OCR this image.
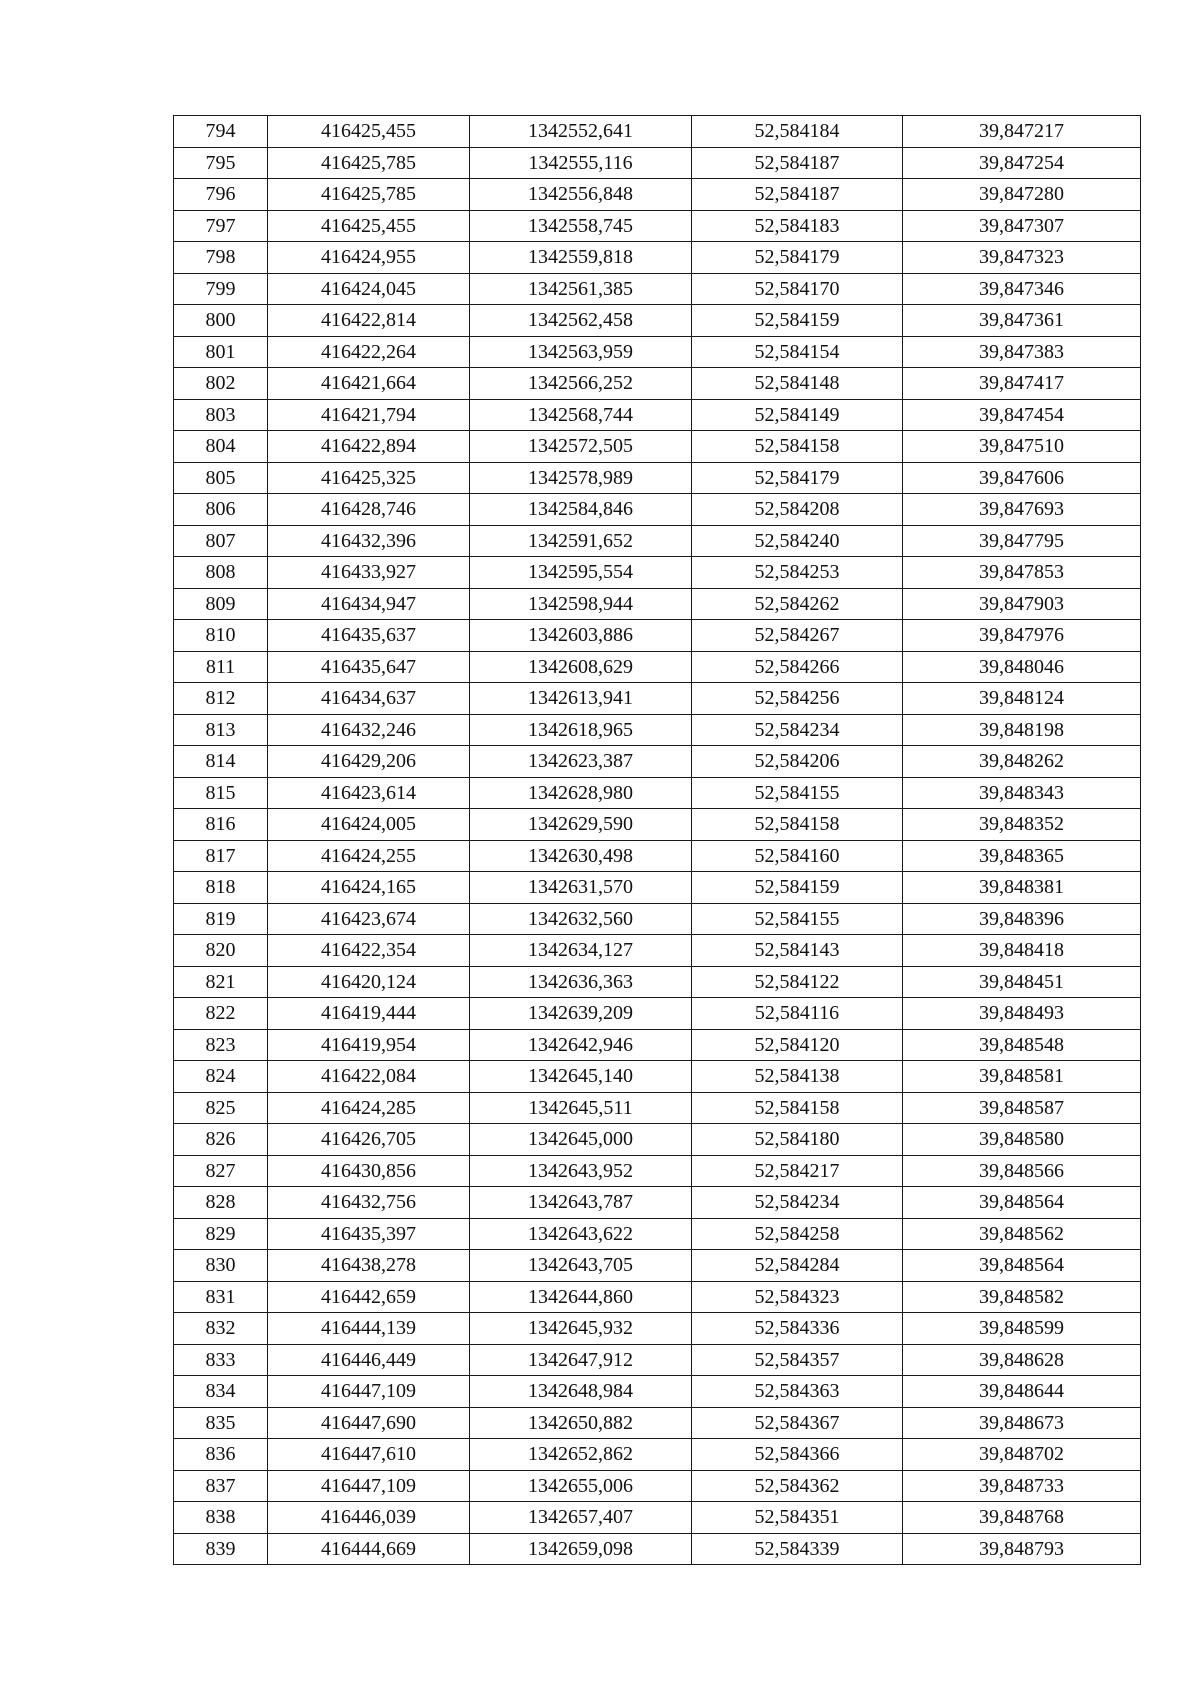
794	416425,455	1342552,641	52,584184	39,847217
795	416425,785	1342555,116	52,584187	39,847254
796	416425,785	1342556,848	52,584187	39,847280
797	416425,455	1342558,745	52,584183	39,847307
798	416424,955	1342559,818	52,584179	39,847323
799	416424,045	1342561,385	52,584170	39,847346
800	416422,814	1342562,458	52,584159	39,847361
801	416422,264	1342563,959	52,584154	39,847383
802	416421,664	1342566,252	52,584148	39,847417
803	416421,794	1342568,744	52,584149	39,847454
804	416422,894	1342572,505	52,584158	39,847510
805	416425,325	1342578,989	52,584179	39,847606
806	416428,746	1342584,846	52,584208	39,847693
807	416432,396	1342591,652	52,584240	39,847795
808	416433,927	1342595,554	52,584253	39,847853
809	416434,947	1342598,944	52,584262	39,847903
810	416435,637	1342603,886	52,584267	39,847976
811	416435,647	1342608,629	52,584266	39,848046
812	416434,637	1342613,941	52,584256	39,848124
813	416432,246	1342618,965	52,584234	39,848198
814	416429,206	1342623,387	52,584206	39,848262
815	416423,614	1342628,980	52,584155	39,848343
816	416424,005	1342629,590	52,584158	39,848352
817	416424,255	1342630,498	52,584160	39,848365
818	416424,165	1342631,570	52,584159	39,848381
819	416423,674	1342632,560	52,584155	39,848396
820	416422,354	1342634,127	52,584143	39,848418
821	416420,124	1342636,363	52,584122	39,848451
822	416419,444	1342639,209	52,584116	39,848493
823	416419,954	1342642,946	52,584120	39,848548
824	416422,084	1342645,140	52,584138	39,848581
825	416424,285	1342645,511	52,584158	39,848587
826	416426,705	1342645,000	52,584180	39,848580
827	416430,856	1342643,952	52,584217	39,848566
828	416432,756	1342643,787	52,584234	39,848564
829	416435,397	1342643,622	52,584258	39,848562
830	416438,278	1342643,705	52,584284	39,848564
831	416442,659	1342644,860	52,584323	39,848582
832	416444,139	1342645,932	52,584336	39,848599
833	416446,449	1342647,912	52,584357	39,848628
834	416447,109	1342648,984	52,584363	39,848644
835	416447,690	1342650,882	52,584367	39,848673
836	416447,610	1342652,862	52,584366	39,848702
837	416447,109	1342655,006	52,584362	39,848733
838	416446,039	1342657,407	52,584351	39,848768
839	416444,669	1342659,098	52,584339	39,848793
